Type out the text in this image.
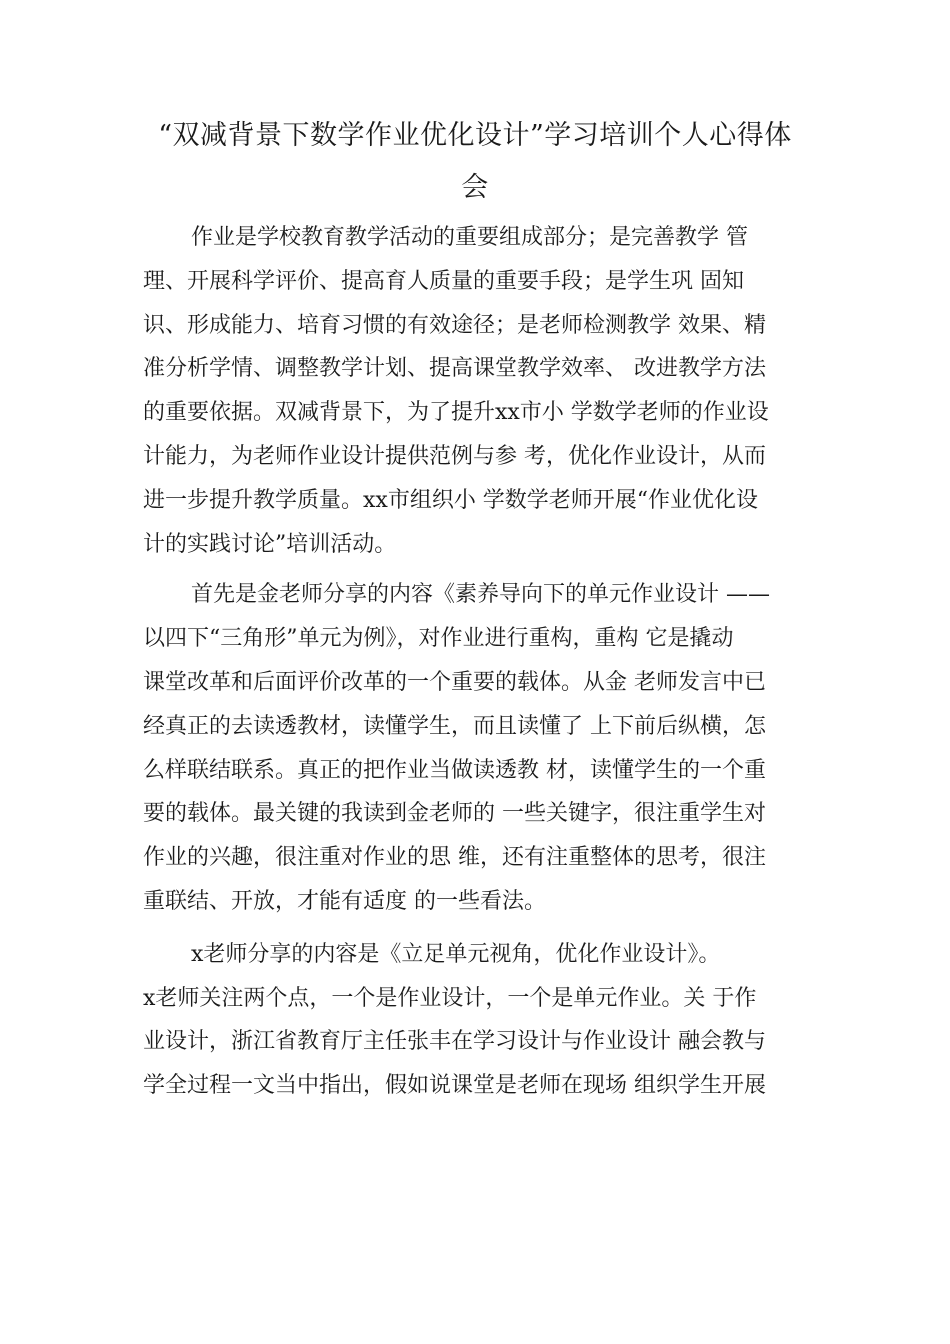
“双减背景下数学作业优化设计”学习培训个人心得体
会

作业是学校教育教学活动的重要组成部分；是完善教学 管
理、开展科学评价、提高育人质量的重要手段；是学生巩 固知
识、形成能力、培育习惯的有效途径；是老师检测教学 效果、精
准分析学情、调整教学计划、提高课堂教学效率、 改进教学方法
的重要依据。双减背景下，为了提升xx市小 学数学老师的作业设
计能力，为老师作业设计提供范例与参 考，优化作业设计，从而
进一步提升教学质量。xx市组织小 学数学老师开展“作业优化设
计的实践讨论”培训活动。

首先是金老师分享的内容《素养导向下的单元作业设计 ——
以四下“三角形”单元为例》，对作业进行重构，重构 它是撬动
课堂改革和后面评价改革的一个重要的载体。从金 老师发言中已
经真正的去读透教材，读懂学生，而且读懂了 上下前后纵横，怎
么样联结联系。真正的把作业当做读透教 材，读懂学生的一个重
要的载体。最关键的我读到金老师的 一些关键字，很注重学生对
作业的兴趣，很注重对作业的思 维，还有注重整体的思考，很注
重联结、开放，才能有适度 的一些看法。

x老师分享的内容是《立足单元视角，优化作业设计》。

x老师关注两个点，一个是作业设计，一个是单元作业。关 于作
业设计，浙江省教育厅主任张丰在学习设计与作业设计 融会教与
学全过程一文当中指出，假如说课堂是老师在现场 组织学生开展
